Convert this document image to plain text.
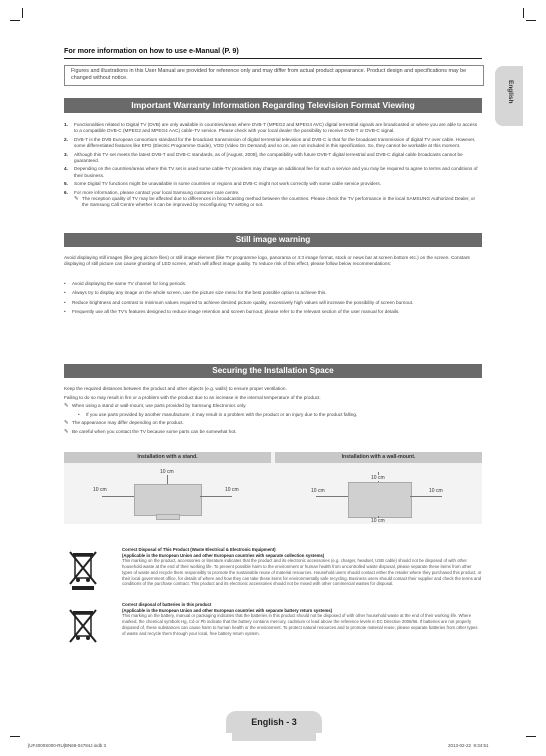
For more information on how to use e-Manual (P. 9)
Figures and illustrations in this User Manual are provided for reference only and may differ from actual product appearance. Product design and specifications may be changed without notice.
English
Important Warranty Information Regarding Television Format Viewing
1.	Functionalities related to Digital TV (DVB) are only available in countries/areas where DVB-T (MPEG2 and MPEG4 AVC) digital terrestrial signals are broadcasted or where you are able to access to a compatible DVB-C (MPEG2 and MPEG4 AAC) cable-TV service. Please check with your local dealer the possibility to receive DVB-T or DVB-C signal.
2.	DVB-T is the DVB European consortium standard for the broadcast transmission of digital terrestrial television and DVB-C is that for the broadcast transmission of digital TV over cable. However, some differentiated features like EPG (Electric Programme Guide), VOD (Video On Demand) and so on, are not included in this specification. So, they cannot be workable at this moment.
3.	Although this TV set meets the latest DVB-T and DVB-C standards, as of [August, 2008], the compatibility with future DVB-T digital terrestrial and DVB-C digital cable broadcasts cannot be guaranteed.
4.	Depending on the countries/areas where this TV set is used some cable-TV providers may charge an additional fee for such a service and you may be required to agree to terms and conditions of their business.
5.	Some Digital TV functions might be unavailable in some countries or regions and DVB-C might not work correctly with some cable service providers.
6.	For more information, please contact your local Samsung customer care centre.
✎ The reception quality of TV may be affected due to differences in broadcasting method between the countries. Please check the TV performance in the local SAMSUNG Authorized Dealer, or the Samsung Call Centre whether it can be improved by reconfiguring TV setting or not.
Still image warning
Avoid displaying still images (like jpeg picture files) or still image element (like TV programme logo, panorama or 4:3 image format, stock or news bar at screen bottom etc.) on the screen. Constant displaying of still picture can cause ghosting of LED screen, which will affect image quality. To reduce risk of this effect, please follow below recommendations:
•	Avoid displaying the same TV channel for long periods.
•	Always try to display any image on the whole screen, use the picture size menu for the best possible option to achieve this.
•	Reduce brightness and contrast to minimum values required to achieve desired picture quality, excessively high values will increase the possibility of screen burnout.
•	Frequently use all the TV's features designed to reduce image retention and screen burnout; please refer to the relevant section of the user manual for details.
Securing the Installation Space
Keep the required distances between the product and other objects (e.g. walls) to ensure proper ventilation.
Failing to do so may result in fire or a problem with the product due to an increase in the internal temperature of the product.
✎ When using a stand or wall-mount, use parts provided by Samsung Electronics only.
•	If you use parts provided by another manufacturer, it may result in a problem with the product or an injury due to the product falling.
✎ The appearance may differ depending on the product.
✎ Be careful when you contact the TV because some parts can be somewhat hot.
Installation with a stand.	Installation with a wall-mount.
10 cm
10 cm	10 cm
10 cm
10 cm	10 cm
10 cm
Correct Disposal of This Product (Waste Electrical & Electronic Equipment)
(Applicable in the European Union and other European countries with separate collection systems)
This marking on the product, accessories or literature indicates that the product and its electronic accessories (e.g. charger, headset, USB cable) should not be disposed of with other household waste at the end of their working life. To prevent possible harm to the environment or human health from uncontrolled waste disposal, please separate these items from other types of waste and recycle them responsibly to promote the sustainable reuse of material resources. Household users should contact either the retailer where they purchased this product, or their local government office, for details of where and how they can take these items for environmentally safe recycling. Business users should contact their supplier and check the terms and conditions of the purchase contract. This product and its electronic accessories should not be mixed with other commercial wastes for disposal.
Correct disposal of batteries in this product
(Applicable in the European Union and other European countries with separate battery return systems)
This marking on the battery, manual or packaging indicates that the batteries in this product should not be disposed of with other household waste at the end of their working life. Where marked, the chemical symbols Hg, Cd or Pb indicate that the battery contains mercury, cadmium or lead above the reference levels in EC Directive 2006/66. If batteries are not properly disposed of, these substances can cause harm to human health or the environment. To protect natural resources and to promote material reuse, please separate batteries from other types of waste and recycle them through your local, free battery return system.
English - 3
[UF4000S000-RU]BN68-04784J.indb 3	2013-02-22  9:34:51
